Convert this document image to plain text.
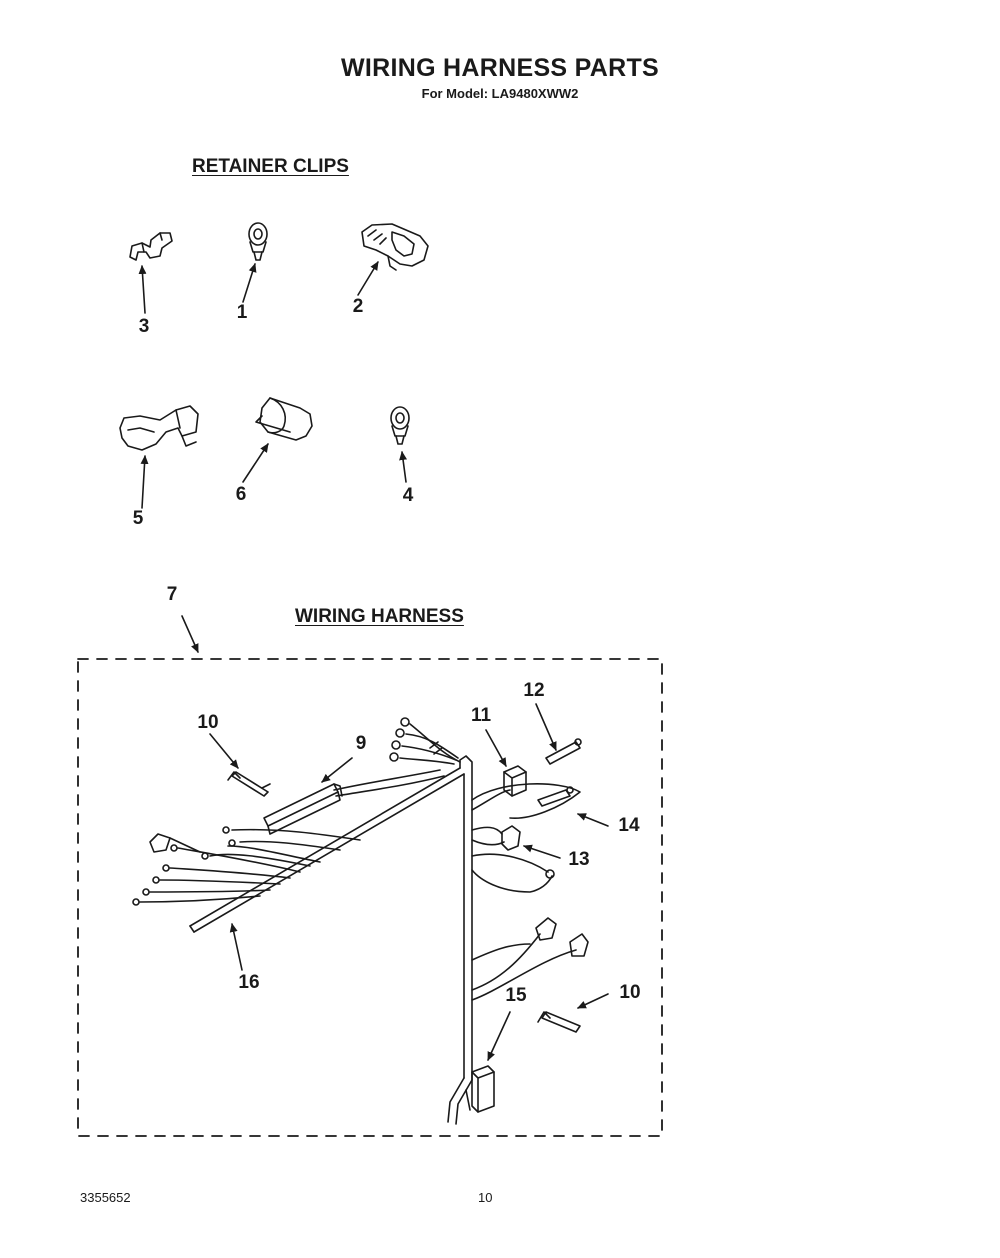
WIRING HARNESS PARTS
For Model: LA9480XWW2
RETAINER CLIPS
WIRING HARNESS
3
1	2
5
6	4
7
10
9
11
12
14
13
16
15	10
3355652	10
